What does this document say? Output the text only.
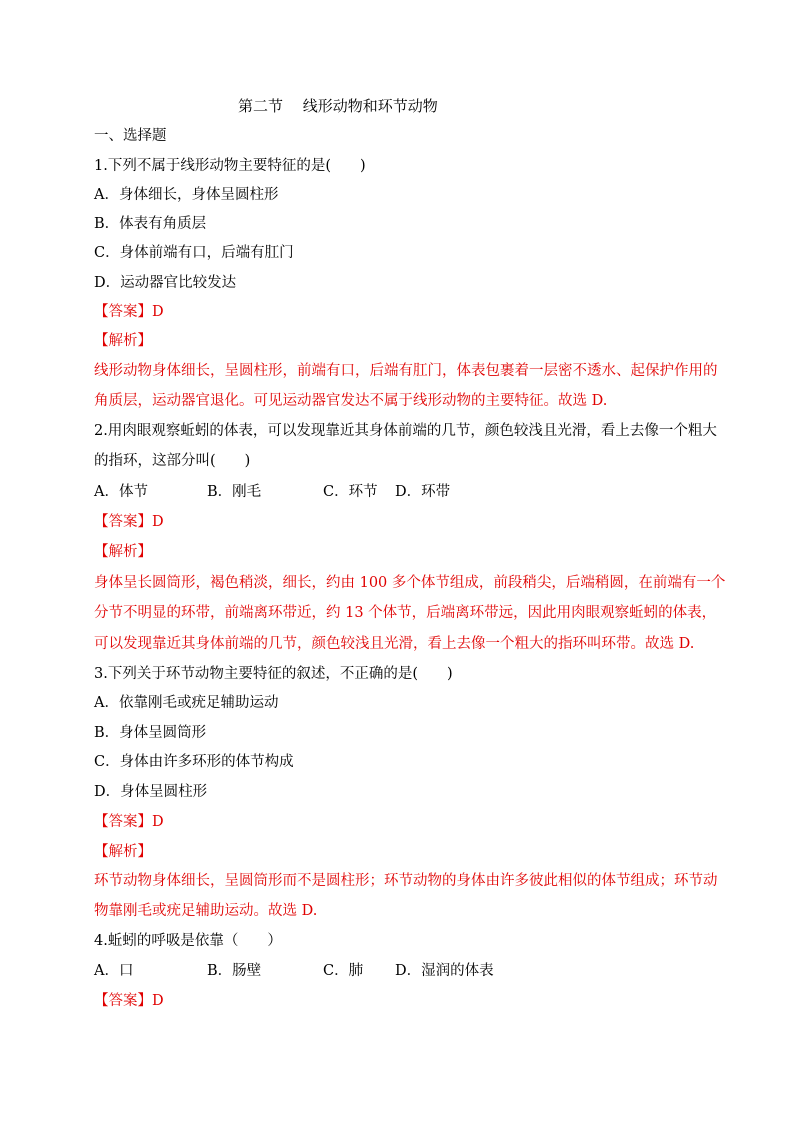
第二节　 线形动物和环节动物
一、选择题
1.下列不属于线形动物主要特征的是(　　)
A．身体细长，身体呈圆柱形
B．体表有角质层
C．身体前端有口，后端有肛门
D．运动器官比较发达
【答案】D
【解析】
线形动物身体细长，呈圆柱形，前端有口，后端有肛门，体表包裹着一层密不透水、起保护作用的
角质层，运动器官退化。可见运动器官发达不属于线形动物的主要特征。故选 D.
2.用肉眼观察蚯蚓的体表，可以发现靠近其身体前端的几节，颜色较浅且光滑，看上去像一个粗大
的指环，这部分叫(　　)
A．体节	B．刚毛	C．环节 D．环带
【答案】D
【解析】
身体呈长圆筒形，褐色稍淡，细长，约由 100 多个体节组成，前段稍尖，后端稍圆，在前端有一个
分节不明显的环带，前端离环带近，约 13 个体节，后端离环带远，因此用肉眼观察蚯蚓的体表，
可以发现靠近其身体前端的几节，颜色较浅且光滑，看上去像一个粗大的指环叫环带。故选 D.
3.下列关于环节动物主要特征的叙述，不正确的是(　　)
A．依靠刚毛或疣足辅助运动
B．身体呈圆筒形
C．身体由许多环形的体节构成
D．身体呈圆柱形
【答案】D
【解析】
环节动物身体细长，呈圆筒形而不是圆柱形；环节动物的身体由许多彼此相似的体节组成；环节动
物靠刚毛或疣足辅助运动。故选 D.
4.蚯蚓的呼吸是依靠（　　）
A．口	B．肠壁	C．肺 D．湿润的体表
【答案】D
